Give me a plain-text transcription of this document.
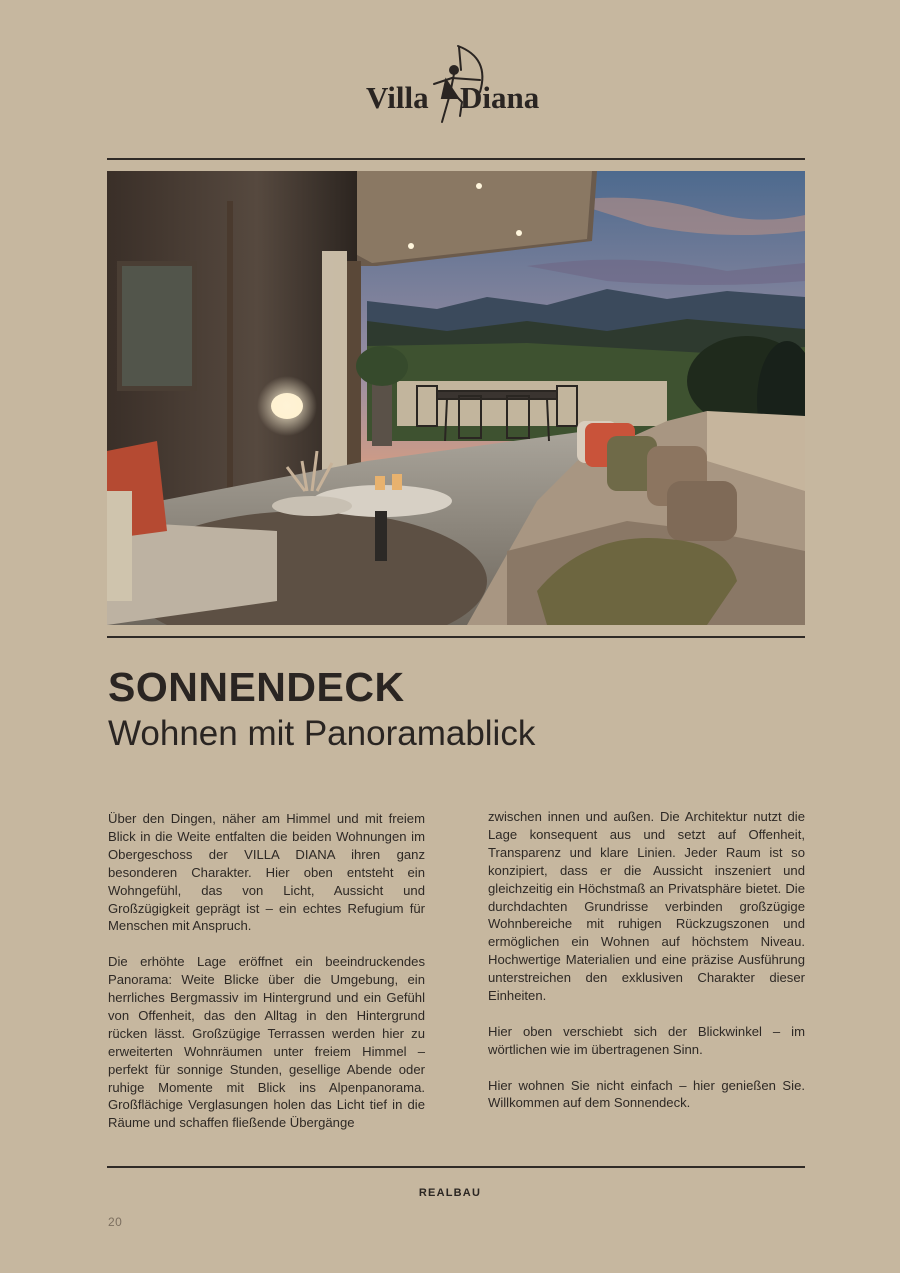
Villa Diana
SONNENDECK
Wohnen mit Panoramablick

Über den Dingen, näher am Himmel und mit freiem Blick in die Weite entfalten die beiden Wohnungen im Obergeschoss der VILLA DIANA ihren ganz besonderen Charakter. Hier oben entsteht ein Wohngefühl, das von Licht, Aussicht und Großzügigkeit geprägt ist – ein echtes Refugium für Menschen mit Anspruch.

Die erhöhte Lage eröffnet ein beeindruckendes Panorama: Weite Blicke über die Umgebung, ein herrliches Bergmassiv im Hintergrund und ein Gefühl von Offenheit, das den Alltag in den Hintergrund rücken lässt. Großzügige Terrassen werden hier zu erweiterten Wohnräumen unter freiem Himmel – perfekt für sonnige Stunden, gesellige Abende oder ruhige Momente mit Blick ins Alpenpanorama. Großflächige Verglasungen holen das Licht tief in die Räume und schaffen fließende Übergänge

zwischen innen und außen. Die Architektur nutzt die Lage konsequent aus und setzt auf Offenheit, Transparenz und klare Linien. Jeder Raum ist so konzipiert, dass er die Aussicht inszeniert und gleichzeitig ein Höchstmaß an Privatsphäre bietet. Die durchdachten Grundrisse verbinden großzügige Wohnbereiche mit ruhigen Rückzugszonen und ermöglichen ein Wohnen auf höchstem Niveau. Hochwertige Materialien und eine präzise Ausführung unterstreichen den exklusiven Charakter dieser Einheiten.

Hier oben verschiebt sich der Blickwinkel – im wörtlichen wie im übertragenen Sinn.

Hier wohnen Sie nicht einfach – hier genießen Sie. Willkommen auf dem Sonnendeck.

REALBAU
20
